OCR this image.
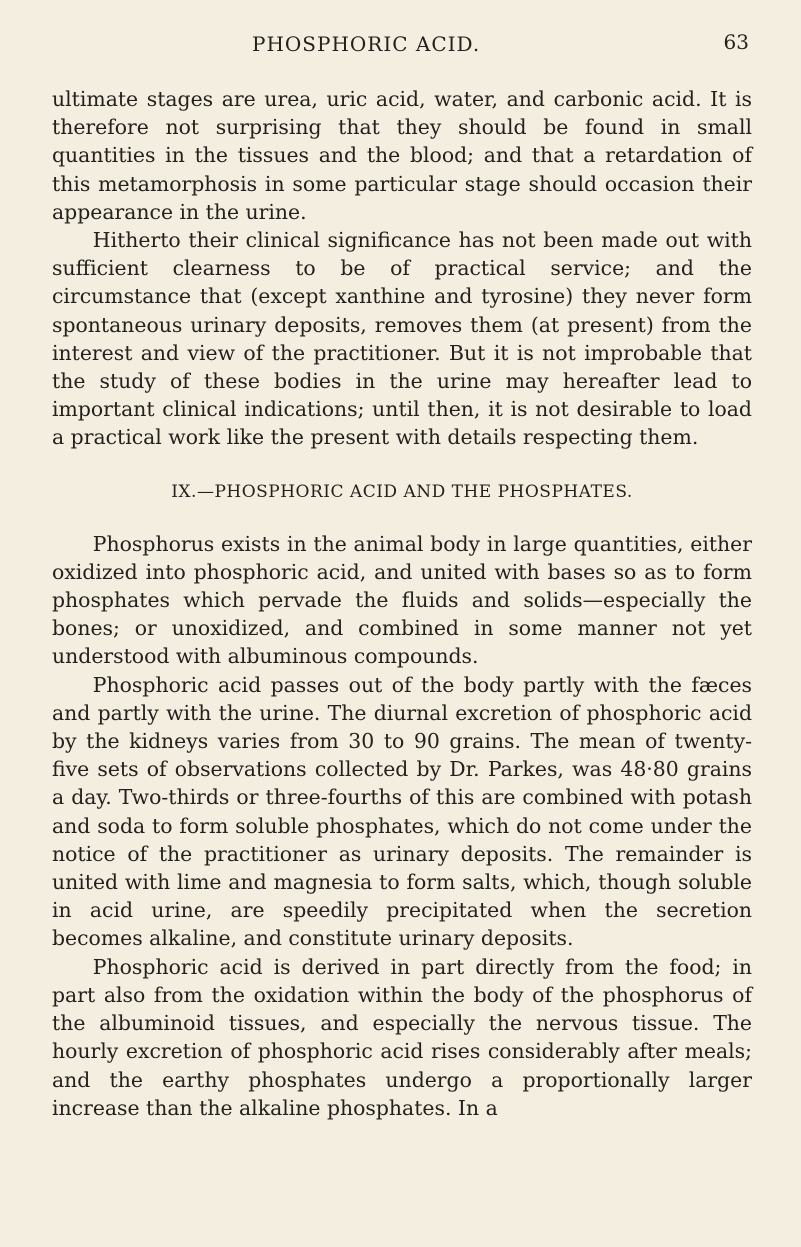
PHOSPHORIC ACID.	63

ultimate stages are urea, uric acid, water, and carbonic acid. It is therefore not surprising that they should be found in small quantities in the tissues and the blood; and that a retardation of this metamorphosis in some particular stage should occasion their appearance in the urine.

Hitherto their clinical significance has not been made out with sufficient clearness to be of practical service; and the circumstance that (except xanthine and tyrosine) they never form spontaneous urinary deposits, removes them (at present) from the interest and view of the practitioner. But it is not improbable that the study of these bodies in the urine may hereafter lead to important clinical indications; until then, it is not desirable to load a practical work like the present with details respecting them.

IX.—PHOSPHORIC ACID AND THE PHOSPHATES.

Phosphorus exists in the animal body in large quantities, either oxidized into phosphoric acid, and united with bases so as to form phosphates which pervade the fluids and solids—especially the bones; or unoxidized, and combined in some manner not yet understood with albuminous compounds.

Phosphoric acid passes out of the body partly with the fæces and partly with the urine. The diurnal excretion of phosphoric acid by the kidneys varies from 30 to 90 grains. The mean of twenty-five sets of observations collected by Dr. Parkes, was 48·80 grains a day. Two-thirds or three-fourths of this are combined with potash and soda to form soluble phosphates, which do not come under the notice of the practitioner as urinary deposits. The remainder is united with lime and magnesia to form salts, which, though soluble in acid urine, are speedily precipitated when the secretion becomes alkaline, and constitute urinary deposits.

Phosphoric acid is derived in part directly from the food; in part also from the oxidation within the body of the phosphorus of the albuminoid tissues, and especially the nervous tissue. The hourly excretion of phosphoric acid rises considerably after meals; and the earthy phosphates undergo a proportionally larger increase than the alkaline phosphates. In a
